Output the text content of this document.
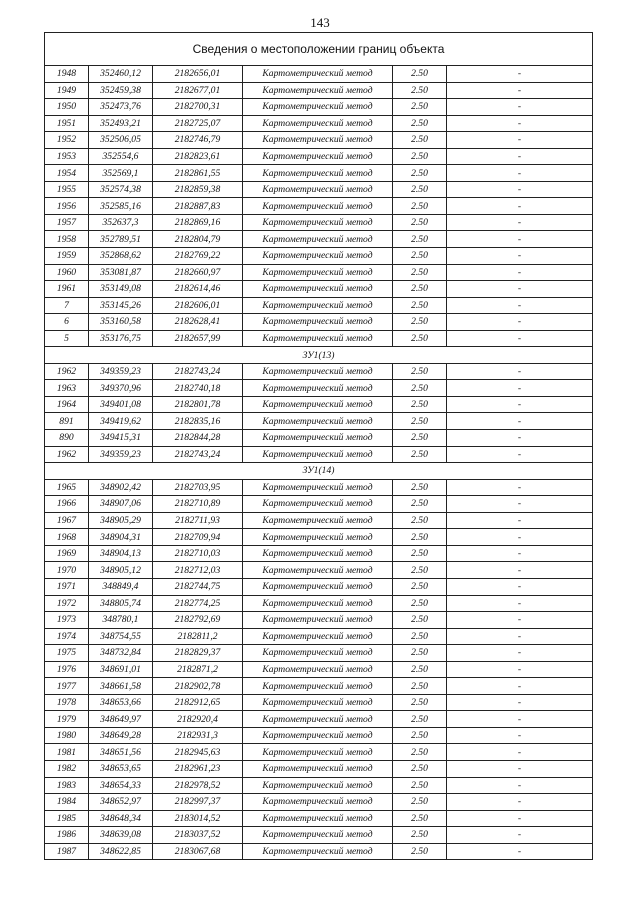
143
Сведения о местоположении границ объекта					
1948	352460,12	2182656,01	Картометрический метод	2.50	-
1949	352459,38	2182677,01	Картометрический метод	2.50	-
1950	352473,76	2182700,31	Картометрический метод	2.50	-
1951	352493,21	2182725,07	Картометрический метод	2.50	-
1952	352506,05	2182746,79	Картометрический метод	2.50	-
1953	352554,6	2182823,61	Картометрический метод	2.50	-
1954	352569,1	2182861,55	Картометрический метод	2.50	-
1955	352574,38	2182859,38	Картометрический метод	2.50	-
1956	352585,16	2182887,83	Картометрический метод	2.50	-
1957	352637,3	2182869,16	Картометрический метод	2.50	-
1958	352789,51	2182804,79	Картометрический метод	2.50	-
1959	352868,62	2182769,22	Картометрический метод	2.50	-
1960	353081,87	2182660,97	Картометрический метод	2.50	-
1961	353149,08	2182614,46	Картометрический метод	2.50	-
7	353145,26	2182606,01	Картометрический метод	2.50	-
6	353160,58	2182628,41	Картометрический метод	2.50	-
5	353176,75	2182657,99	Картометрический метод	2.50	-
ЗУ1(13)					
1962	349359,23	2182743,24	Картометрический метод	2.50	-
1963	349370,96	2182740,18	Картометрический метод	2.50	-
1964	349401,08	2182801,78	Картометрический метод	2.50	-
891	349419,62	2182835,16	Картометрический метод	2.50	-
890	349415,31	2182844,28	Картометрический метод	2.50	-
1962	349359,23	2182743,24	Картометрический метод	2.50	-
ЗУ1(14)					
1965	348902,42	2182703,95	Картометрический метод	2.50	-
1966	348907,06	2182710,89	Картометрический метод	2.50	-
1967	348905,29	2182711,93	Картометрический метод	2.50	-
1968	348904,31	2182709,94	Картометрический метод	2.50	-
1969	348904,13	2182710,03	Картометрический метод	2.50	-
1970	348905,12	2182712,03	Картометрический метод	2.50	-
1971	348849,4	2182744,75	Картометрический метод	2.50	-
1972	348805,74	2182774,25	Картометрический метод	2.50	-
1973	348780,1	2182792,69	Картометрический метод	2.50	-
1974	348754,55	2182811,2	Картометрический метод	2.50	-
1975	348732,84	2182829,37	Картометрический метод	2.50	-
1976	348691,01	2182871,2	Картометрический метод	2.50	-
1977	348661,58	2182902,78	Картометрический метод	2.50	-
1978	348653,66	2182912,65	Картометрический метод	2.50	-
1979	348649,97	2182920,4	Картометрический метод	2.50	-
1980	348649,28	2182931,3	Картометрический метод	2.50	-
1981	348651,56	2182945,63	Картометрический метод	2.50	-
1982	348653,65	2182961,23	Картометрический метод	2.50	-
1983	348654,33	2182978,52	Картометрический метод	2.50	-
1984	348652,97	2182997,37	Картометрический метод	2.50	-
1985	348648,34	2183014,52	Картометрический метод	2.50	-
1986	348639,08	2183037,52	Картометрический метод	2.50	-
1987	348622,85	2183067,68	Картометрический метод	2.50	-
